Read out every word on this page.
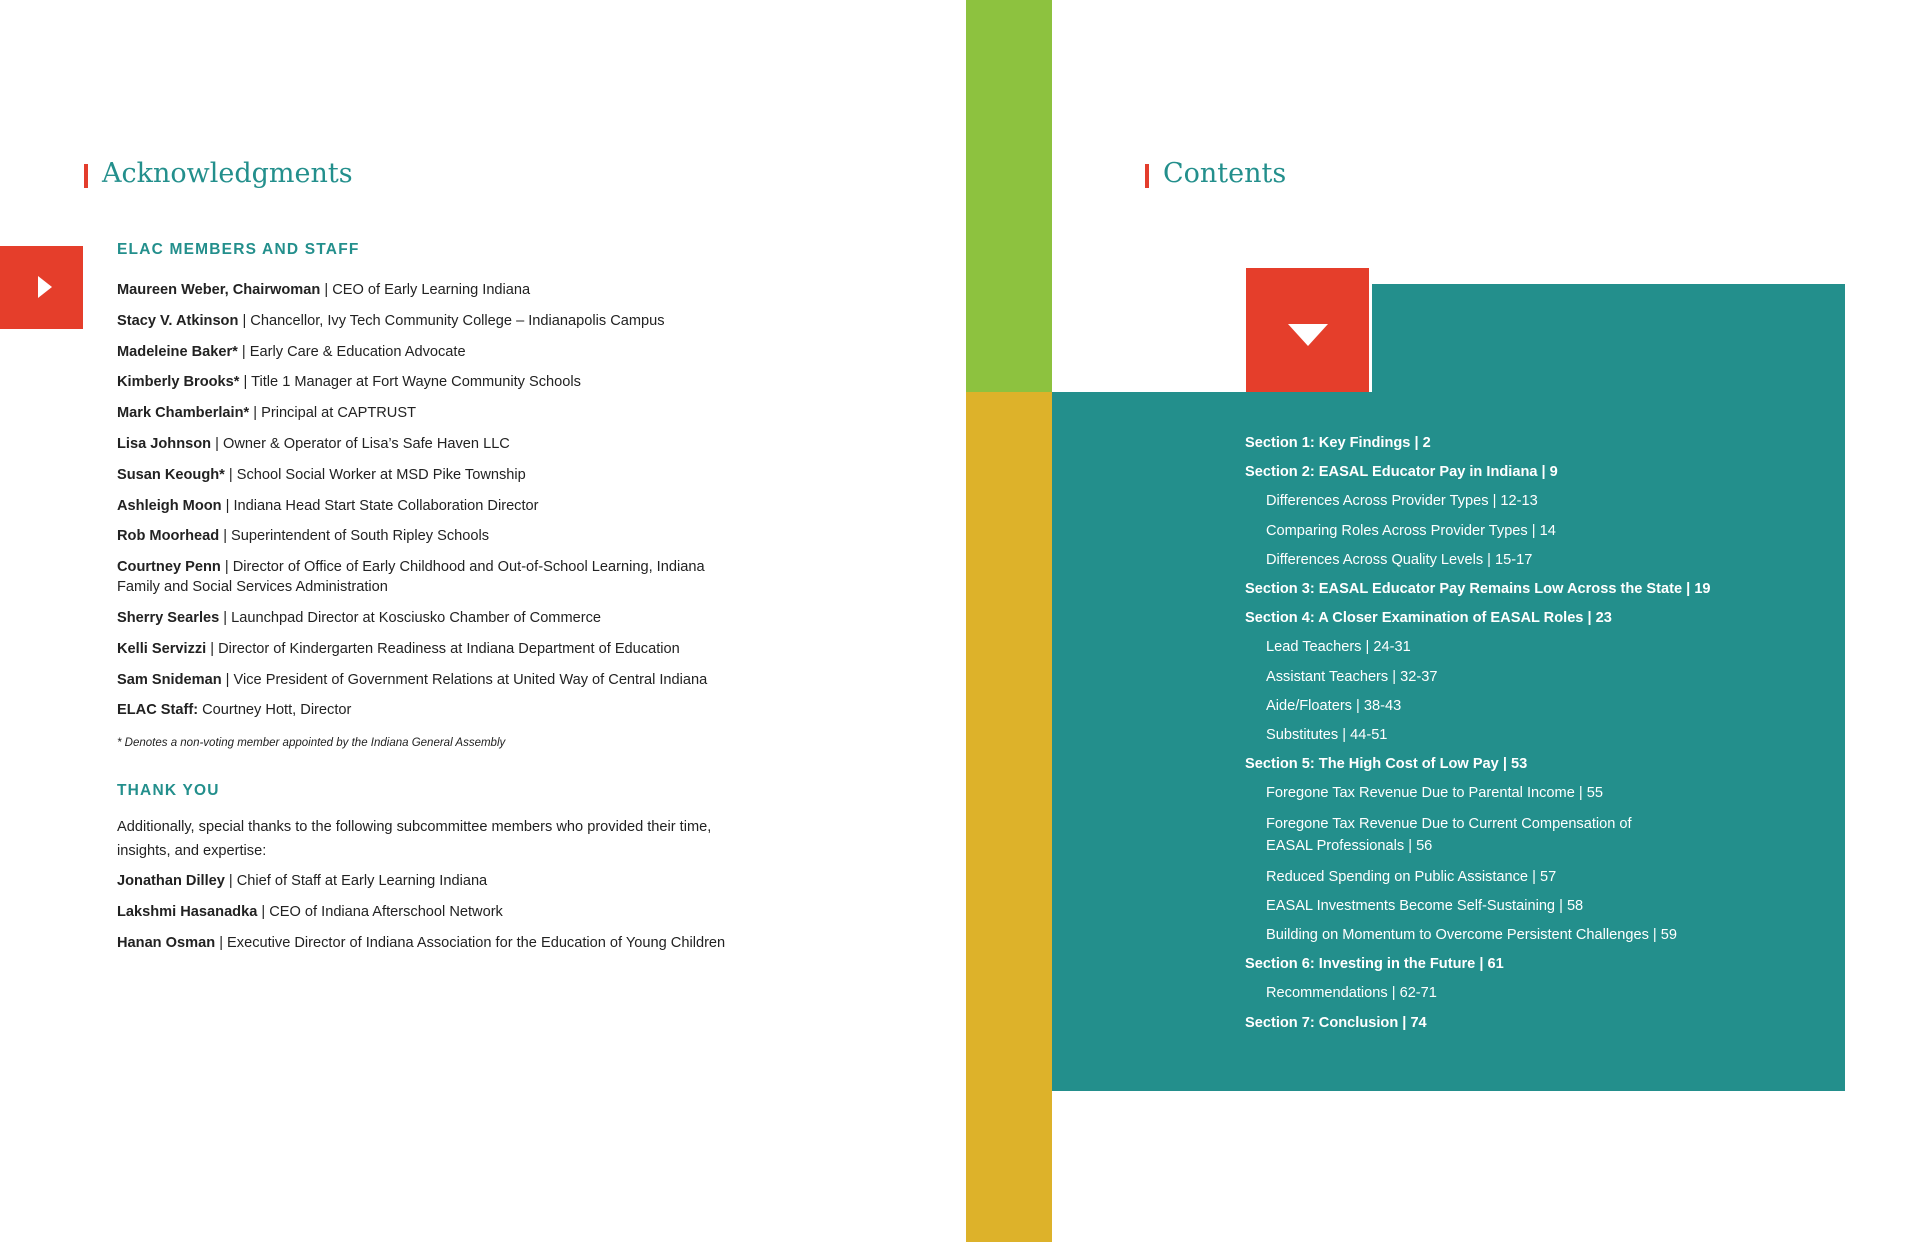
Acknowledgments
ELAC MEMBERS AND STAFF
Maureen Weber, Chairwoman | CEO of Early Learning Indiana
Stacy V. Atkinson | Chancellor, Ivy Tech Community College – Indianapolis Campus
Madeleine Baker* | Early Care & Education Advocate
Kimberly Brooks* | Title 1 Manager at Fort Wayne Community Schools
Mark Chamberlain* | Principal at CAPTRUST
Lisa Johnson | Owner & Operator of Lisa’s Safe Haven LLC
Susan Keough* | School Social Worker at MSD Pike Township
Ashleigh Moon | Indiana Head Start State Collaboration Director
Rob Moorhead | Superintendent of South Ripley Schools
Courtney Penn | Director of Office of Early Childhood and Out-of-School Learning, Indiana Family and Social Services Administration
Sherry Searles | Launchpad Director at Kosciusko Chamber of Commerce
Kelli Servizzi | Director of Kindergarten Readiness at Indiana Department of Education
Sam Snideman | Vice President of Government Relations at United Way of Central Indiana
ELAC Staff: Courtney Hott, Director
* Denotes a non-voting member appointed by the Indiana General Assembly
THANK YOU
Additionally, special thanks to the following subcommittee members who provided their time, insights, and expertise:
Jonathan Dilley | Chief of Staff at Early Learning Indiana
Lakshmi Hasanadka | CEO of Indiana Afterschool Network
Hanan Osman | Executive Director of Indiana Association for the Education of Young Children
Contents
Section 1: Key Findings | 2
Section 2: EASAL Educator Pay in Indiana | 9
Differences Across Provider Types | 12-13
Comparing Roles Across Provider Types | 14
Differences Across Quality Levels | 15-17
Section 3: EASAL Educator Pay Remains Low Across the State | 19
Section 4: A Closer Examination of EASAL Roles | 23
Lead Teachers | 24-31
Assistant Teachers | 32-37
Aide/Floaters | 38-43
Substitutes | 44-51
Section 5: The High Cost of Low Pay | 53
Foregone Tax Revenue Due to Parental Income | 55
Foregone Tax Revenue Due to Current Compensation of EASAL Professionals | 56
Reduced Spending on Public Assistance | 57
EASAL Investments Become Self-Sustaining | 58
Building on Momentum to Overcome Persistent Challenges | 59
Section 6: Investing in the Future | 61
Recommendations | 62-71
Section 7: Conclusion | 74
